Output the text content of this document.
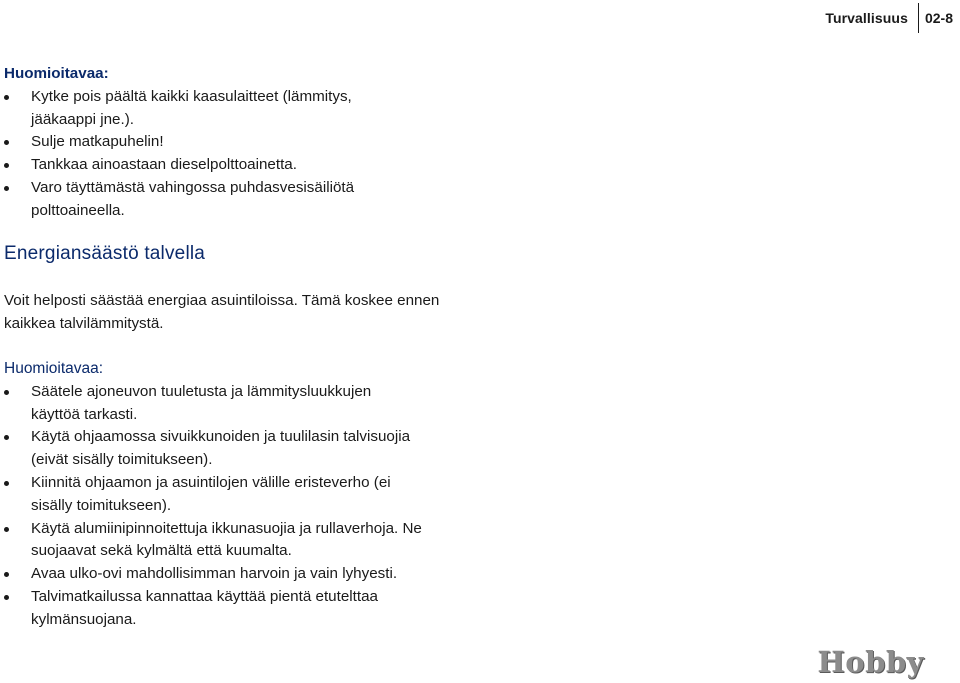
Turvallisuus	02-8
Huomioitavaa:
Kytke pois päältä kaikki kaasulaitteet (lämmitys, jääkaappi jne.).
Sulje matkapuhelin!
Tankkaa ainoastaan dieselpolttoainetta.
Varo täyttämästä vahingossa puhdasvesisäiliötä polttoaineella.
Energiansäästö talvella

Voit helposti säästää energiaa asuintiloissa. Tämä koskee ennen kaikkea talvilämmitystä.

Huomioitavaa:
Säätele ajoneuvon tuuletusta ja lämmitysluukkujen käyttöä tarkasti.
Käytä ohjaamossa sivuikkunoiden ja tuulilasin talvisuojia (eivät sisälly toimitukseen).
Kiinnitä ohjaamon ja asuintilojen välille eristeverho (ei sisälly toimitukseen).
Käytä alumiinipinnoitettuja ikkunasuojia ja rullaverhoja. Ne suojaavat sekä kylmältä että kuumalta.
Avaa ulko-ovi mahdollisimman harvoin ja vain lyhyesti.
Talvimatkailussa kannattaa käyttää pientä etutelttaa kylmänsuojana.
Hobby
